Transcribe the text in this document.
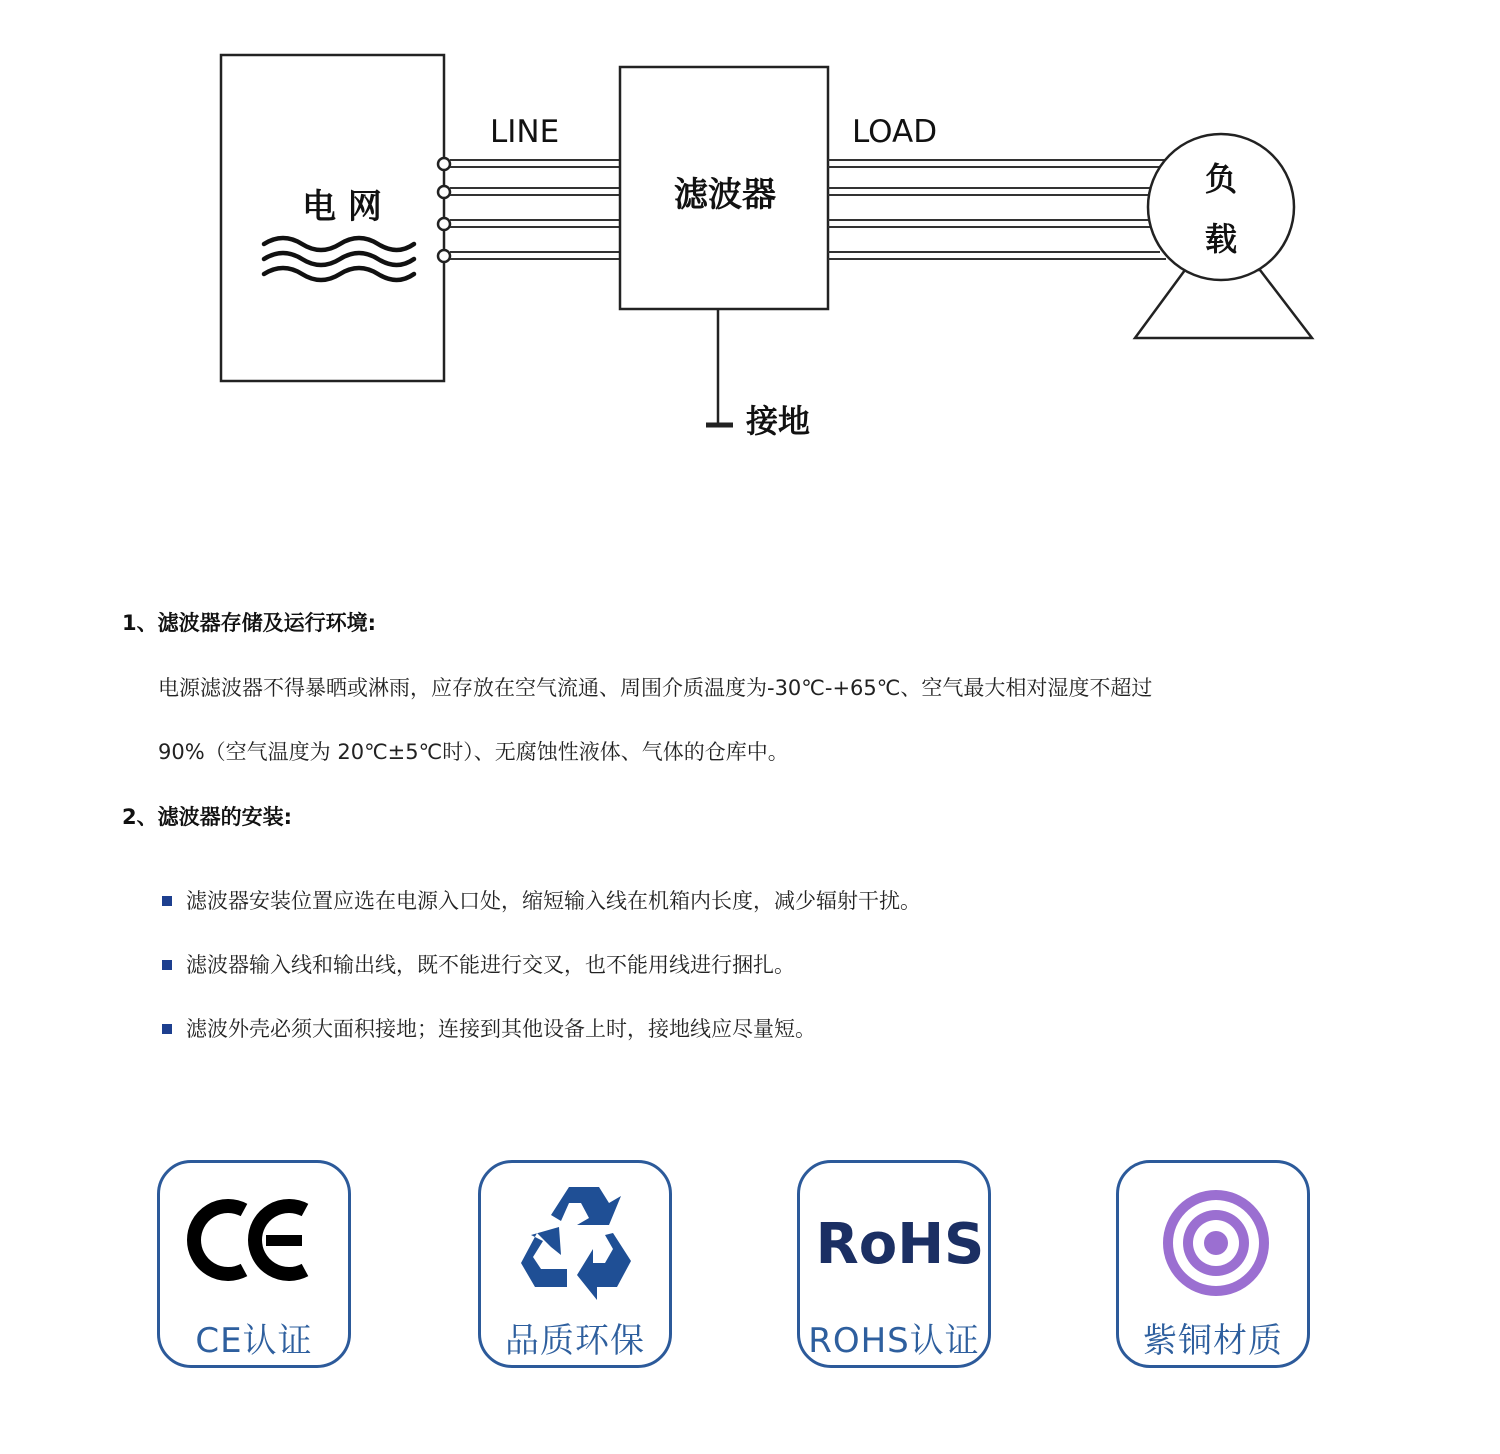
电 网
LINE
滤波器
LOAD
负
载
接地
1、滤波器存储及运行环境:
电源滤波器不得暴晒或淋雨，应存放在空气流通、周围介质温度为-30℃-+65℃、空气最大相对湿度不超过
90%（空气温度为 20℃±5℃时）、无腐蚀性液体、气体的仓库中。
2、滤波器的安装:
滤波器安装位置应选在电源入口处，缩短输入线在机箱内长度，减少辐射干扰。
滤波器输入线和输出线，既不能进行交叉，也不能用线进行捆扎。
滤波外壳必须大面积接地；连接到其他设备上时，接地线应尽量短。
CE认证	品质环保
RoHS
ROHS认证	紫铜材质
